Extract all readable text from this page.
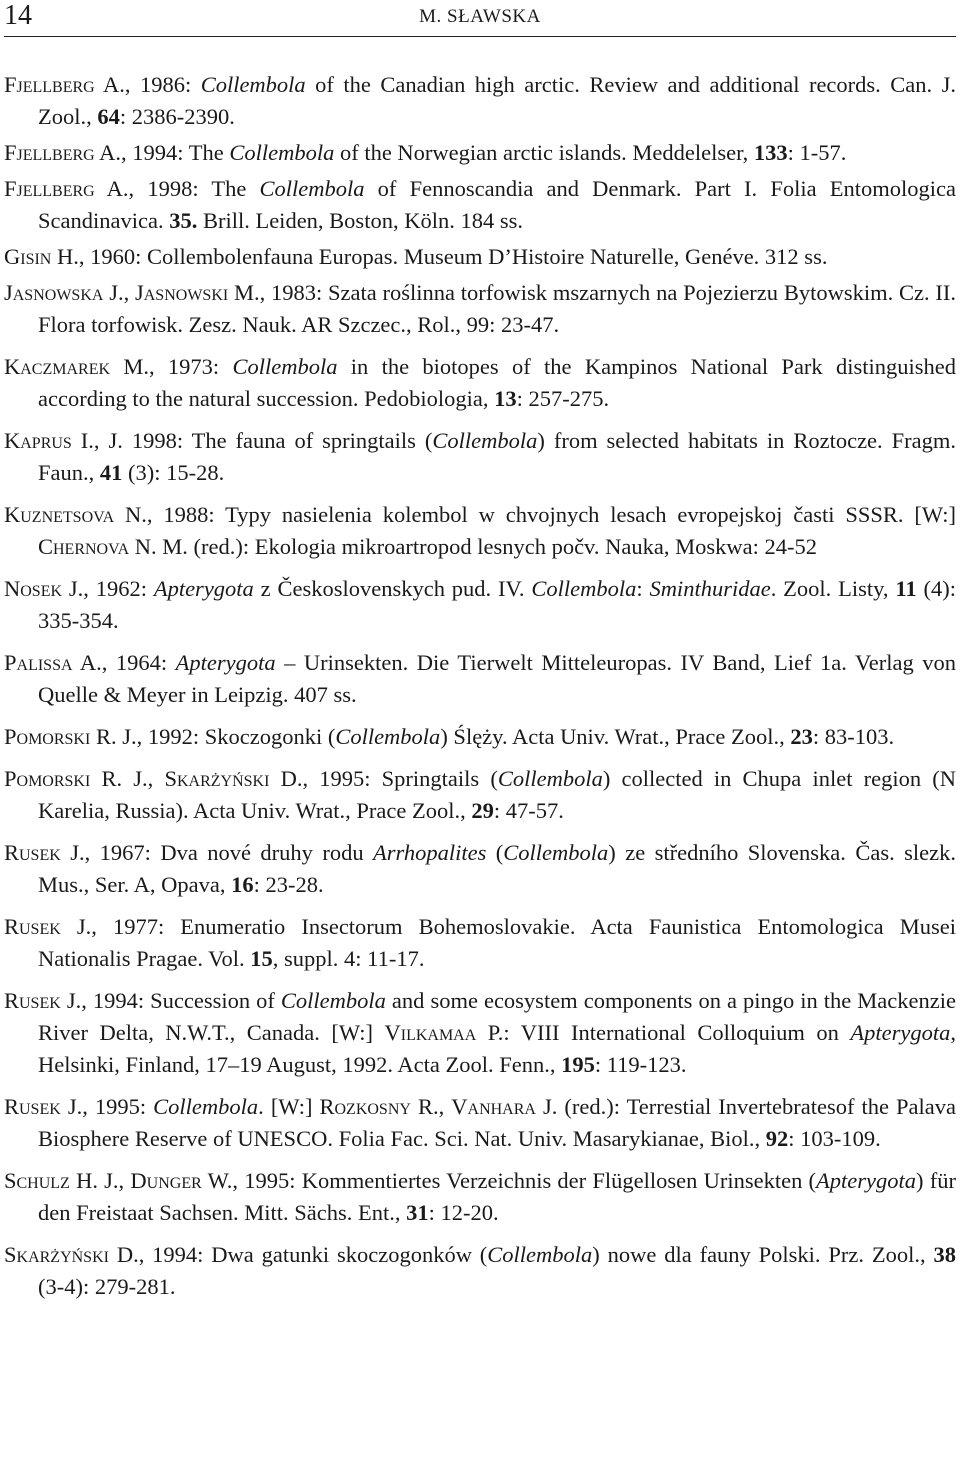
14	M. SŁAWSKA

Fjellberg A., 1986: Collembola of the Canadian high arctic. Review and additional records. Can. J. Zool., 64: 2386-2390.

Fjellberg A., 1994: The Collembola of the Norwegian arctic islands. Meddelelser, 133: 1-57.

Fjellberg A., 1998: The Collembola of Fennoscandia and Denmark. Part I. Folia Entomologica Scandinavica. 35. Brill. Leiden, Boston, Köln. 184 ss.

Gisin H., 1960: Collembolenfauna Europas. Museum D’Histoire Naturelle, Genéve. 312 ss.

Jasnowska J., Jasnowski M., 1983: Szata roślinna torfowisk mszarnych na Pojezierzu Bytowskim. Cz. II. Flora torfowisk. Zesz. Nauk. AR Szczec., Rol., 99: 23-47.

Kaczmarek M., 1973: Collembola in the biotopes of the Kampinos National Park distinguished according to the natural succession. Pedobiologia, 13: 257-275.

Kaprus I., J. 1998: The fauna of springtails (Collembola) from selected habitats in Roztocze. Fragm. Faun., 41 (3): 15-28.

Kuznetsova N., 1988: Typy nasielenia kolembol w chvojnych lesach evropejskoj časti SSSR. [W:] Chernova N. M. (red.): Ekologia mikroartropod lesnych počv. Nauka, Moskwa: 24-52

Nosek J., 1962: Apterygota z Československych pud. IV. Collembola: Sminthuridae. Zool. Listy, 11 (4): 335-354.

Palissa A., 1964: Apterygota – Urinsekten. Die Tierwelt Mitteleuropas. IV Band, Lief 1a. Verlag von Quelle & Meyer in Leipzig. 407 ss.

Pomorski R. J., 1992: Skoczogonki (Collembola) Ślęży. Acta Univ. Wrat., Prace Zool., 23: 83-103.

Pomorski R. J., Skarżyński D., 1995: Springtails (Collembola) collected in Chupa inlet region (N Karelia, Russia). Acta Univ. Wrat., Prace Zool., 29: 47-57.

Rusek J., 1967: Dva nové druhy rodu Arrhopalites (Collembola) ze středního Slovenska. Čas. slezk. Mus., Ser. A, Opava, 16: 23-28.

Rusek J., 1977: Enumeratio Insectorum Bohemoslovakie. Acta Faunistica Entomologica Musei Nationalis Pragae. Vol. 15, suppl. 4: 11-17.

Rusek J., 1994: Succession of Collembola and some ecosystem components on a pingo in the Mackenzie River Delta, N.W.T., Canada. [W:] Vilkamaa P.: VIII International Colloquium on Apterygota, Helsinki, Finland, 17–19 August, 1992. Acta Zool. Fenn., 195: 119-123.

Rusek J., 1995: Collembola. [W:] Rozkosny R., Vanhara J. (red.): Terrestial Invertebratesof the Palava Biosphere Reserve of UNESCO. Folia Fac. Sci. Nat. Univ. Masarykianae, Biol., 92: 103-109.

Schulz H. J., Dunger W., 1995: Kommentiertes Verzeichnis der Flügellosen Urinsekten (Apterygota) für den Freistaat Sachsen. Mitt. Sächs. Ent., 31: 12-20.

Skarżyński D., 1994: Dwa gatunki skoczogonków (Collembola) nowe dla fauny Polski. Prz. Zool., 38 (3-4): 279-281.
